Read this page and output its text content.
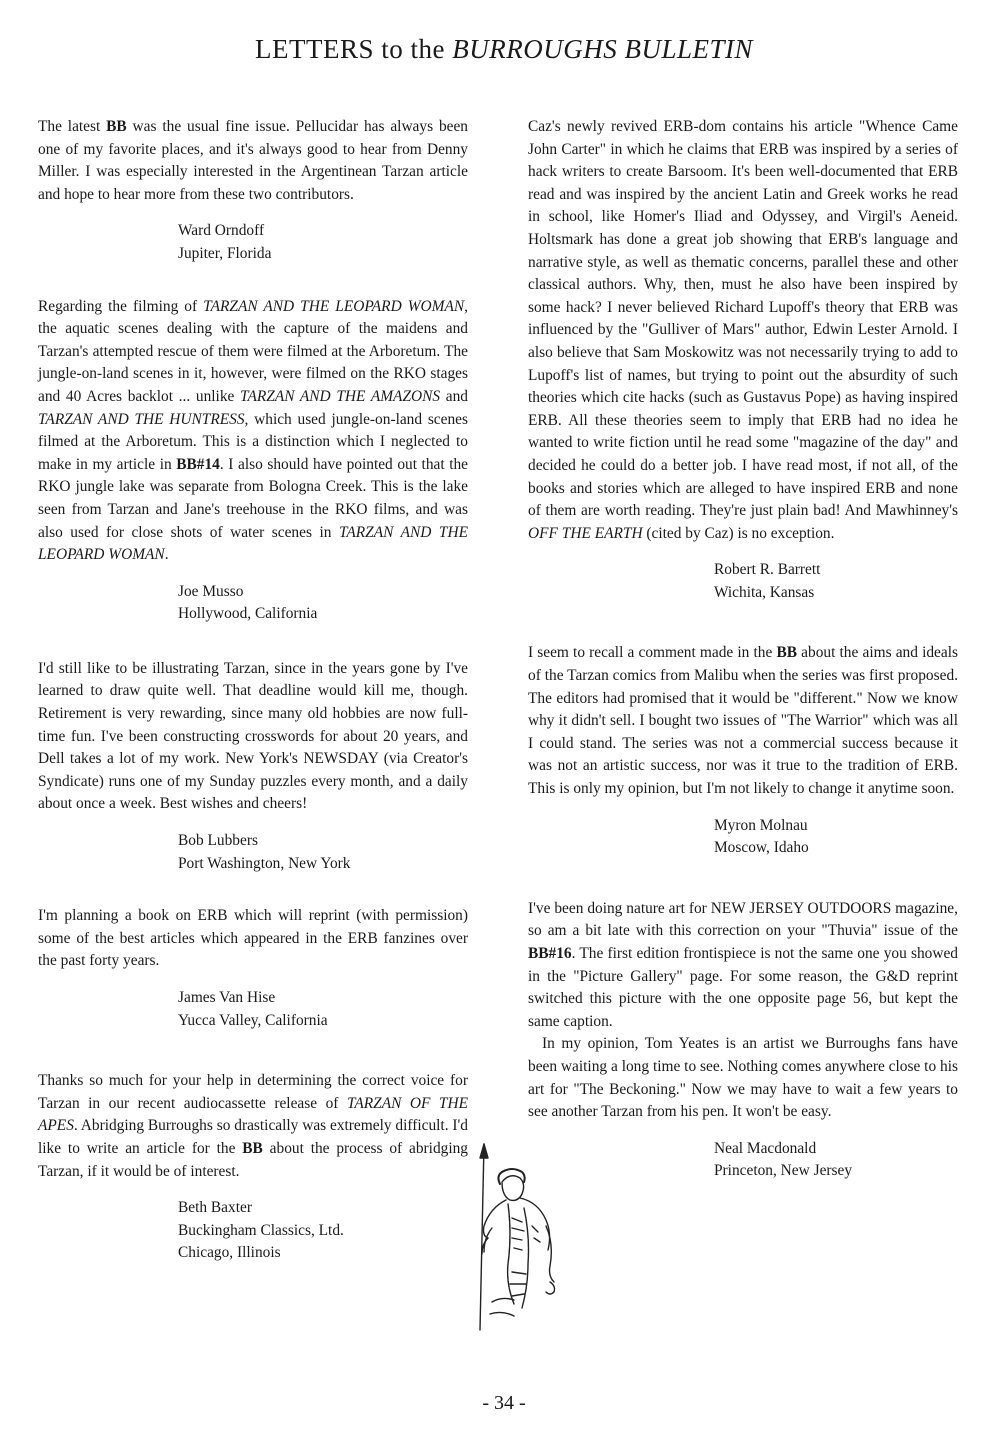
LETTERS to the BURROUGHS BULLETIN

The latest BB was the usual fine issue. Pellucidar has always been one of my favorite places, and it's always good to hear from Denny Miller. I was especially interested in the Argentinean Tarzan article and hope to hear more from these two contributors.

Ward Orndoff
Jupiter, Florida

Regarding the filming of TARZAN AND THE LEOPARD WOMAN, the aquatic scenes dealing with the capture of the maidens and Tarzan's attempted rescue of them were filmed at the Arboretum. The jungle-on-land scenes in it, however, were filmed on the RKO stages and 40 Acres backlot ... unlike TARZAN AND THE AMAZONS and TARZAN AND THE HUNTRESS, which used jungle-on-land scenes filmed at the Arboretum. This is a distinction which I neglected to make in my article in BB#14. I also should have pointed out that the RKO jungle lake was separate from Bologna Creek. This is the lake seen from Tarzan and Jane's treehouse in the RKO films, and was also used for close shots of water scenes in TARZAN AND THE LEOPARD WOMAN.

Joe Musso
Hollywood, California

I'd still like to be illustrating Tarzan, since in the years gone by I've learned to draw quite well. That deadline would kill me, though. Retirement is very rewarding, since many old hobbies are now full-time fun. I've been constructing crosswords for about 20 years, and Dell takes a lot of my work. New York's NEWSDAY (via Creator's Syndicate) runs one of my Sunday puzzles every month, and a daily about once a week. Best wishes and cheers!

Bob Lubbers
Port Washington, New York

I'm planning a book on ERB which will reprint (with permission) some of the best articles which appeared in the ERB fanzines over the past forty years.

James Van Hise
Yucca Valley, California

Thanks so much for your help in determining the correct voice for Tarzan in our recent audiocassette release of TARZAN OF THE APES. Abridging Burroughs so drastically was extremely difficult. I'd like to write an article for the BB about the process of abridging Tarzan, if it would be of interest.

Beth Baxter
Buckingham Classics, Ltd.
Chicago, Illinois

Caz's newly revived ERB-dom contains his article "Whence Came John Carter" in which he claims that ERB was inspired by a series of hack writers to create Barsoom. It's been well-documented that ERB read and was inspired by the ancient Latin and Greek works he read in school, like Homer's Iliad and Odyssey, and Virgil's Aeneid. Holtsmark has done a great job showing that ERB's language and narrative style, as well as thematic concerns, parallel these and other classical authors. Why, then, must he also have been inspired by some hack? I never believed Richard Lupoff's theory that ERB was influenced by the "Gulliver of Mars" author, Edwin Lester Arnold. I also believe that Sam Moskowitz was not necessarily trying to add to Lupoff's list of names, but trying to point out the absurdity of such theories which cite hacks (such as Gustavus Pope) as having inspired ERB. All these theories seem to imply that ERB had no idea he wanted to write fiction until he read some "magazine of the day" and decided he could do a better job. I have read most, if not all, of the books and stories which are alleged to have inspired ERB and none of them are worth reading. They're just plain bad! And Mawhinney's OFF THE EARTH (cited by Caz) is no exception.

Robert R. Barrett
Wichita, Kansas

I seem to recall a comment made in the BB about the aims and ideals of the Tarzan comics from Malibu when the series was first proposed. The editors had promised that it would be "different." Now we know why it didn't sell. I bought two issues of "The Warrior" which was all I could stand. The series was not a commercial success because it was not an artistic success, nor was it true to the tradition of ERB. This is only my opinion, but I'm not likely to change it anytime soon.

Myron Molnau
Moscow, Idaho

I've been doing nature art for NEW JERSEY OUTDOORS magazine, so am a bit late with this correction on your "Thuvia" issue of the BB#16. The first edition frontispiece is not the same one you showed in the "Picture Gallery" page. For some reason, the G&D reprint switched this picture with the one opposite page 56, but kept the same caption.

In my opinion, Tom Yeates is an artist we Burroughs fans have been waiting a long time to see. Nothing comes anywhere close to his art for "The Beckoning." Now we may have to wait a few years to see another Tarzan from his pen. It won't be easy.

Neal Macdonald
Princeton, New Jersey
- 34 -
